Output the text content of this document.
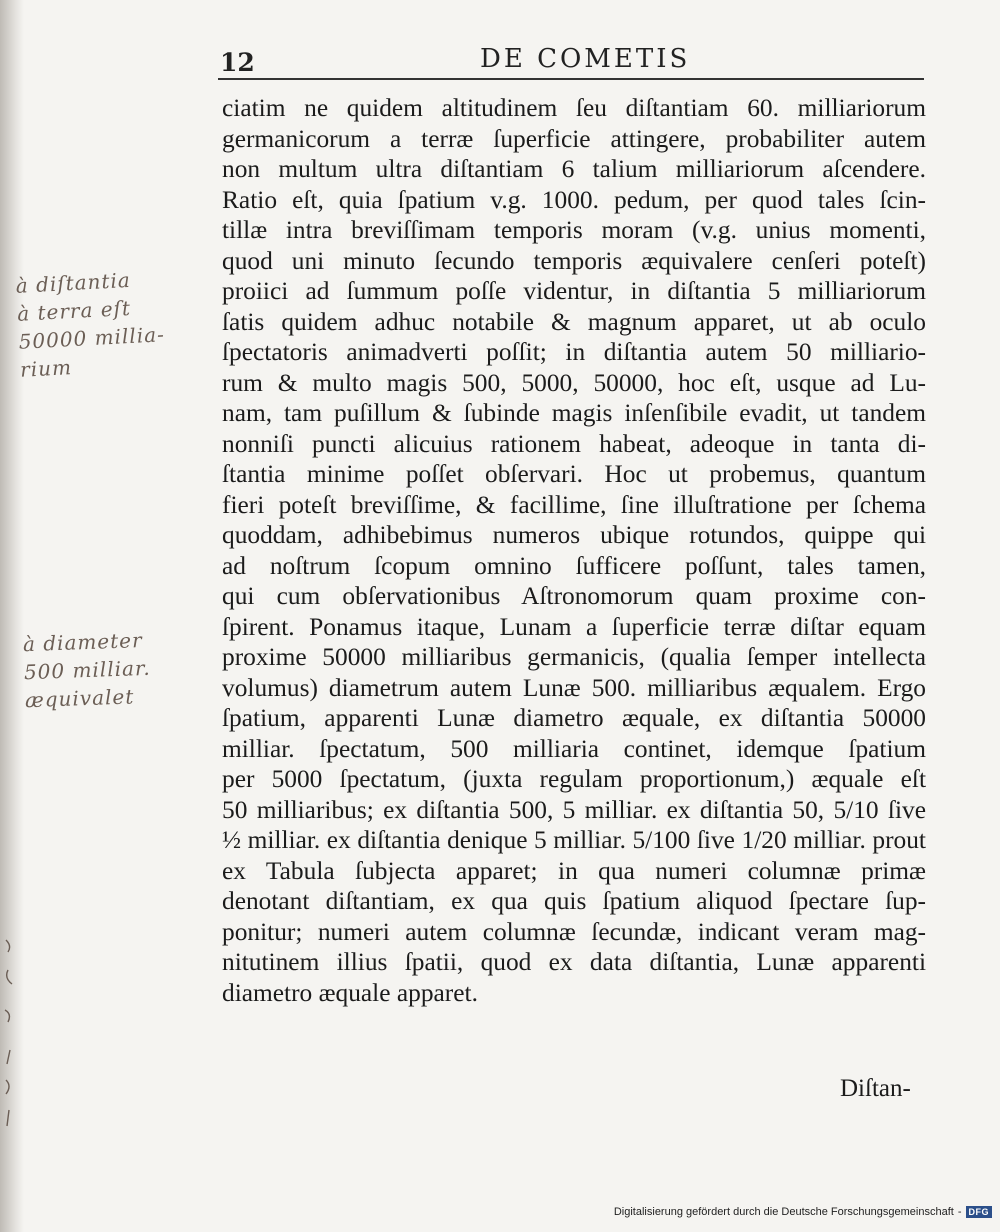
12	DE COMETIS
à diſtantia
à terra eſt
50000 millia-
rium
à diameter
500 milliar.
æquivalet
ciatim ne quidem altitudinem ſeu diſtantiam 60. milliariorum
germanicorum a terræ ſuperficie attingere, probabiliter autem
non multum ultra diſtantiam 6 talium milliariorum aſcendere.
Ratio eſt, quia ſpatium v.g. 1000. pedum, per quod tales ſcin-
tillæ intra breviſſimam temporis moram (v.g. unius momenti,
quod uni minuto ſecundo temporis æquivalere cenſeri poteſt)
proiici ad ſummum poſſe videntur, in diſtantia 5 milliariorum
ſatis quidem adhuc notabile & magnum apparet, ut ab oculo
ſpectatoris animadverti poſſit; in diſtantia autem 50 milliario-
rum & multo magis 500, 5000, 50000, hoc eſt, usque ad Lu-
nam, tam puſillum & ſubinde magis inſenſibile evadit, ut tandem
nonniſi puncti alicuius rationem habeat, adeoque in tanta di-
ſtantia minime poſſet obſervari. Hoc ut probemus, quantum
fieri poteſt breviſſime, & facillime, ſine illuſtratione per ſchema
quoddam, adhibebimus numeros ubique rotundos, quippe qui
ad noſtrum ſcopum omnino ſufficere poſſunt, tales tamen,
qui cum obſervationibus Aſtronomorum quam proxime con-
ſpirent. Ponamus itaque, Lunam a ſuperficie terræ diſtar equam
proxime 50000 milliaribus germanicis, (qualia ſemper intellecta
volumus) diametrum autem Lunæ 500. milliaribus æqualem. Ergo
ſpatium, apparenti Lunæ diametro æquale, ex diſtantia 50000
milliar. ſpectatum, 500 milliaria continet, idemque ſpatium
per 5000 ſpectatum, (juxta regulam proportionum,) æquale eſt
50 milliaribus; ex diſtantia 500, 5 milliar. ex diſtantia 50, 5/10 ſive
½ milliar. ex diſtantia denique 5 milliar. 5/100 ſive 1/20 milliar. prout
ex Tabula ſubjecta apparet; in qua numeri columnæ primæ
denotant diſtantiam, ex qua quis ſpatium aliquod ſpectare ſup-
ponitur; numeri autem columnæ ſecundæ, indicant veram mag-
nitutinem illius ſpatii, quod ex data diſtantia, Lunæ apparenti
diametro æquale apparet.
Diſtan-
Digitalisierung gefördert durch die Deutsche Forschungsgemeinschaft - DFG
